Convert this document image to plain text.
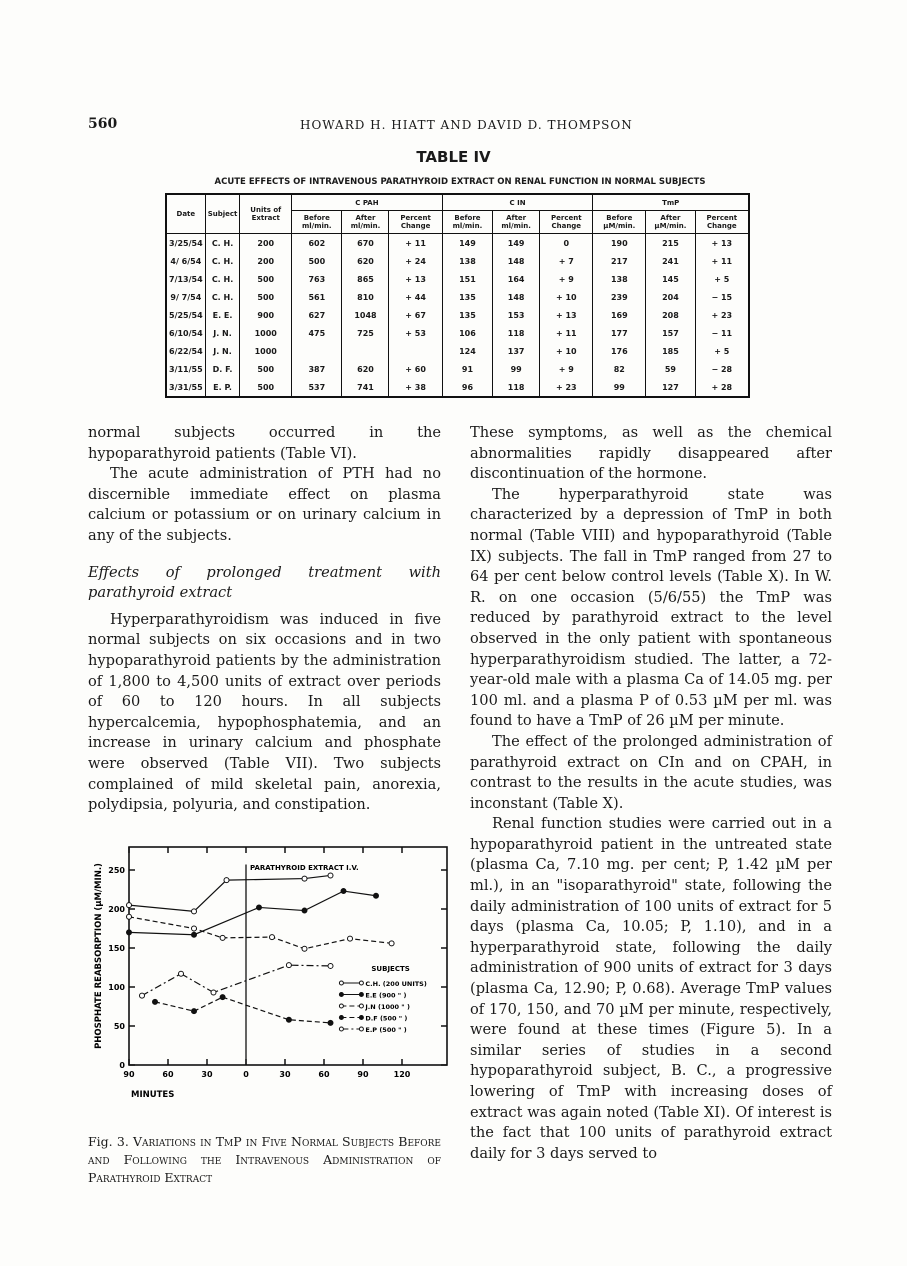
560	HOWARD H. HIATT AND DAVID D. THOMPSON
TABLE IV
ACUTE EFFECTS OF INTRAVENOUS PARATHYROID EXTRACT ON RENAL FUNCTION IN NORMAL SUBJECTS
Date	Subject	Units of Extract	C PAH			C IN			TmP		
			Before ml/min.	After ml/min.	Percent Change	Before ml/min.	After ml/min.	Percent Change	Before µM/min.	After µM/min.	Percent Change
3/25/54	C. H.	200	602	670	+ 11	149	149	0	190	215	+ 13
4/ 6/54	C. H.	200	500	620	+ 24	138	148	+ 7	217	241	+ 11
7/13/54	C. H.	500	763	865	+ 13	151	164	+ 9	138	145	+ 5
9/ 7/54	C. H.	500	561	810	+ 44	135	148	+ 10	239	204	− 15
5/25/54	E. E.	900	627	1048	+ 67	135	153	+ 13	169	208	+ 23
6/10/54	J. N.	1000	475	725	+ 53	106	118	+ 11	177	157	− 11
6/22/54	J. N.	1000				124	137	+ 10	176	185	+ 5
3/11/55	D. F.	500	387	620	+ 60	91	99	+ 9	82	59	− 28
3/31/55	E. P.	500	537	741	+ 38	96	118	+ 23	99	127	+ 28

normal subjects occurred in the hypoparathyroid patients (Table VI).

The acute administration of PTH had no discernible immediate effect on plasma calcium or potassium or on urinary calcium in any of the subjects.

Effects of prolonged treatment with parathyroid extract

Hyperparathyroidism was induced in five normal subjects on six occasions and in two hypoparathyroid patients by the administration of 1,800 to 4,500 units of extract over periods of 60 to 120 hours. In all subjects hypercalcemia, hypophosphatemia, and an increase in urinary calcium and phosphate were observed (Table VII). Two subjects complained of mild skeletal pain, anorexia, polydipsia, polyuria, and constipation.

These symptoms, as well as the chemical abnormalities rapidly disappeared after discontinuation of the hormone.

The hyperparathyroid state was characterized by a depression of TmP in both normal (Table VIII) and hypoparathyroid (Table IX) subjects. The fall in TmP ranged from 27 to 64 per cent below control levels (Table X). In W. R. on one occasion (5/6/55) the TmP was reduced by parathyroid extract to the level observed in the only patient with spontaneous hyperparathyroidism studied. The latter, a 72-year-old male with a plasma Ca of 14.05 mg. per 100 ml. and a plasma P of 0.53 µM per ml. was found to have a TmP of 26 µM per minute.

The effect of the prolonged administration of parathyroid extract on CIn and on CPAH, in contrast to the results in the acute studies, was inconstant (Table X).

Renal function studies were carried out in a hypoparathyroid patient in the untreated state (plasma Ca, 7.10 mg. per cent; P, 1.42 µM per ml.), in an "isoparathyroid" state, following the daily administration of 100 units of extract for 5 days (plasma Ca, 10.05; P, 1.10), and in a hyperparathyroid state, following the daily administration of 900 units of extract for 3 days (plasma Ca, 12.90; P, 0.68). Average TmP values of 170, 150, and 70 µM per minute, respectively, were found at these times (Figure 5). In a similar series of studies in a second hypoparathyroid subject, B. C., a progressive lowering of TmP with increasing doses of extract was again noted (Table XI). Of interest is the fact that 100 units of parathyroid extract daily for 3 days served to

90	60	30	0	30	60	90	120
0
50
100
150
200
250	PARATHYROID EXTRACT I.V.
PHOSPHATE REABSORPTION (µM/MIN.)
MINUTES
C.H. (200 UNITS)
E.E (900 " )
J.N (1000 " )
D.F (500 " )
E.P (500 " )
SUBJECTS
Fig. 3. Variations in TmP in Five Normal Subjects Before and Following the Intravenous Administration of Parathyroid Extract
